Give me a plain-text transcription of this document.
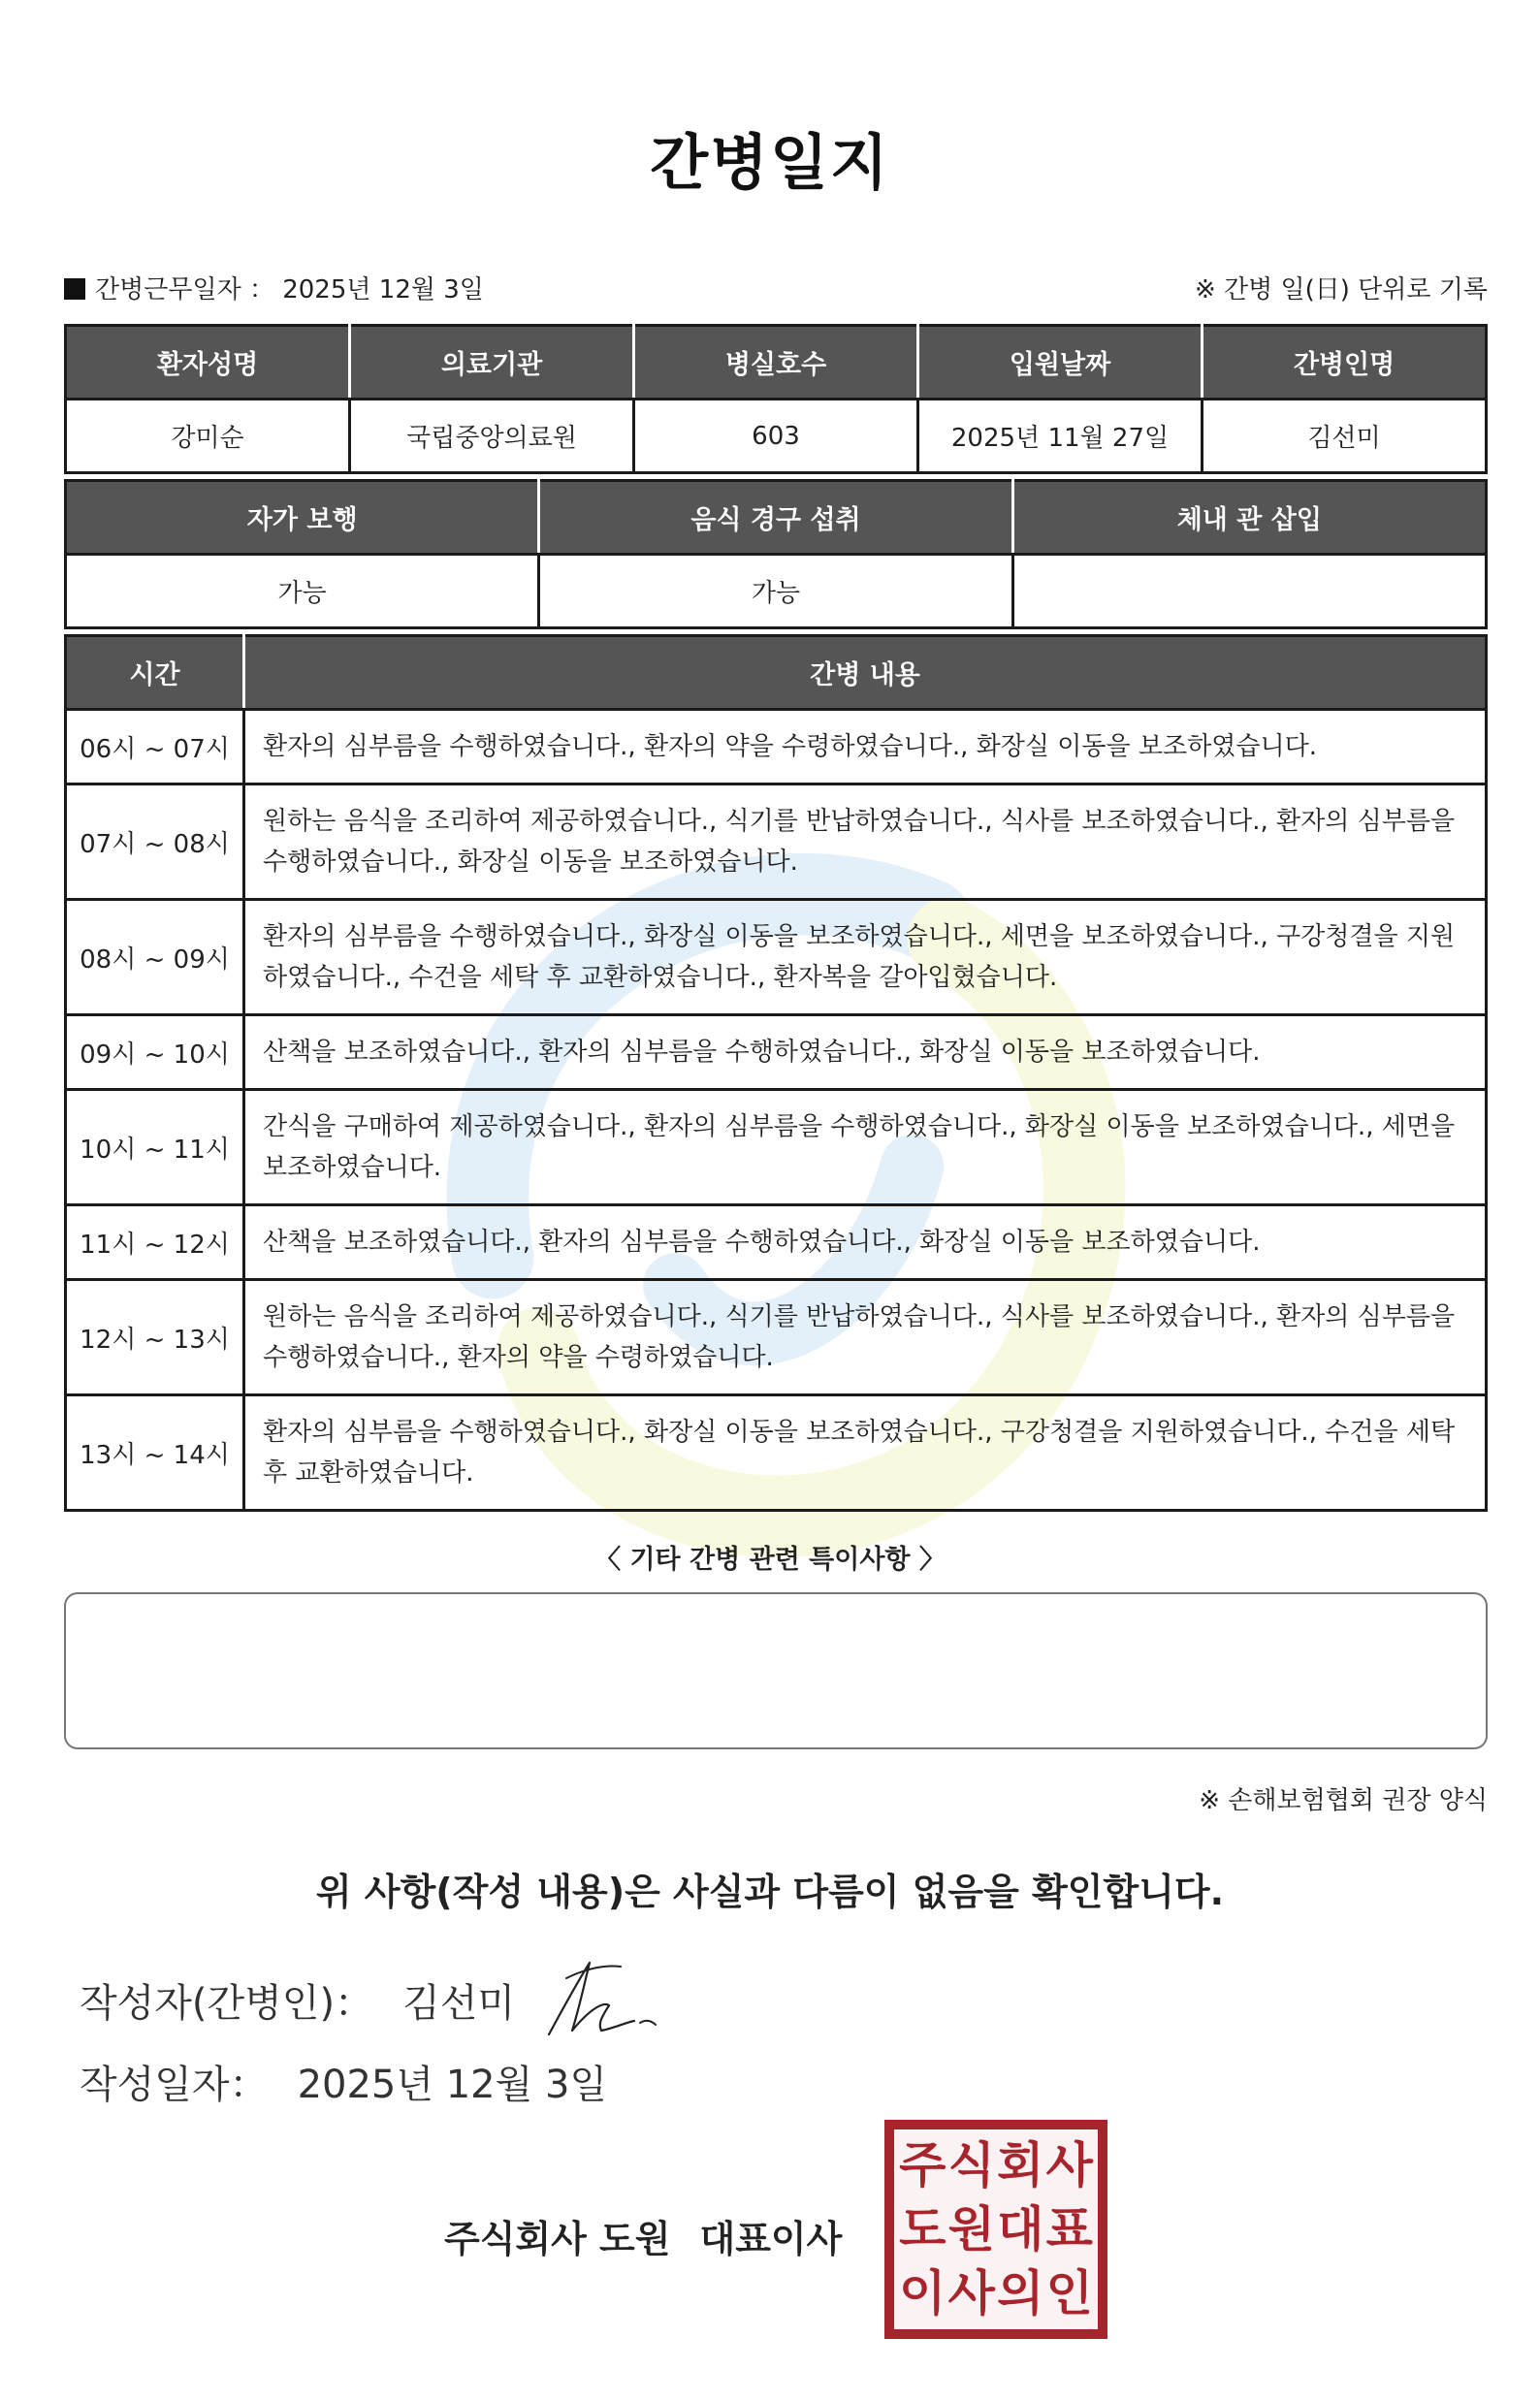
간병일지
간병근무일자 ： 2025년 12월 3일	※ 간병 일(日) 단위로 기록
환자성명	의료기관	병실호수	입원날짜	간병인명
강미순	국립중앙의료원	603	2025년 11월 27일	김선미
자가 보행	음식 경구 섭취	체내 관 삽입
가능	가능	
시간	간병 내용
06시 ~ 07시	환자의 심부름을 수행하였습니다., 환자의 약을 수령하였습니다., 화장실 이동을 보조하였습니다.
07시 ~ 08시	원하는 음식을 조리하여 제공하였습니다., 식기를 반납하였습니다., 식사를 보조하였습니다., 환자의 심부름을 수행하였습니다., 화장실 이동을 보조하였습니다.
08시 ~ 09시	환자의 심부름을 수행하였습니다., 화장실 이동을 보조하였습니다., 세면을 보조하였습니다., 구강청결을 지원하였습니다., 수건을 세탁 후 교환하였습니다., 환자복을 갈아입혔습니다.
09시 ~ 10시	산책을 보조하였습니다., 환자의 심부름을 수행하였습니다., 화장실 이동을 보조하였습니다.
10시 ~ 11시	간식을 구매하여 제공하였습니다., 환자의 심부름을 수행하였습니다., 화장실 이동을 보조하였습니다., 세면을 보조하였습니다.
11시 ~ 12시	산책을 보조하였습니다., 환자의 심부름을 수행하였습니다., 화장실 이동을 보조하였습니다.
12시 ~ 13시	원하는 음식을 조리하여 제공하였습니다., 식기를 반납하였습니다., 식사를 보조하였습니다., 환자의 심부름을 수행하였습니다., 환자의 약을 수령하였습니다.
13시 ~ 14시	환자의 심부름을 수행하였습니다., 화장실 이동을 보조하였습니다., 구강청결을 지원하였습니다., 수건을 세탁 후 교환하였습니다.
〈 기타 간병 관련 특이사항 〉
※ 손해보험협회 권장 양식
위 사항(작성 내용)은 사실과 다름이 없음을 확인합니다.
작성자(간병인)： 김선미
작성일자： 2025년 12월 3일
주식회사 도원 대표이사
주 식 회 사
도 원 대 표
이 사 의 인
